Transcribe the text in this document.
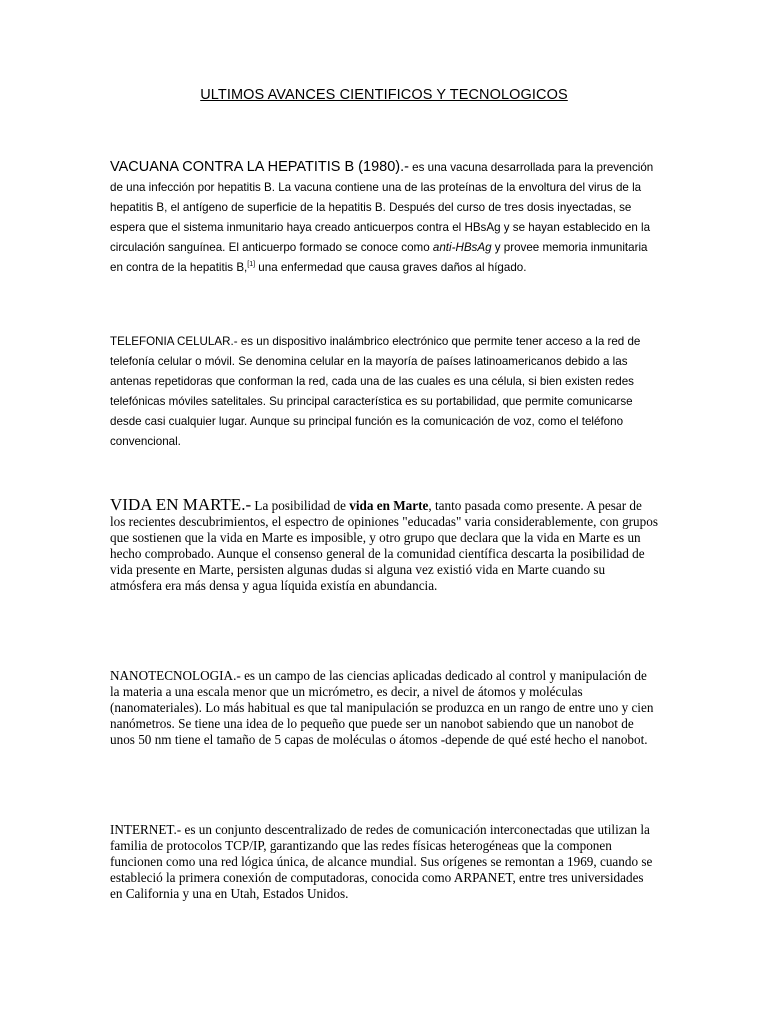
ULTIMOS AVANCES CIENTIFICOS Y TECNOLOGICOS

VACUANA CONTRA LA HEPATITIS B (1980).- es una vacuna desarrollada para la prevención de una infección por hepatitis B. La vacuna contiene una de las proteínas de la envoltura del virus de la hepatitis B, el antígeno de superficie de la hepatitis B. Después del curso de tres dosis inyectadas, se espera que el sistema inmunitario haya creado anticuerpos contra el HBsAg y se hayan establecido en la circulación sanguínea. El anticuerpo formado se conoce como anti-HBsAg y provee memoria inmunitaria en contra de la hepatitis B,[1] una enfermedad que causa graves daños al hígado.

TELEFONIA CELULAR.- es un dispositivo inalámbrico electrónico que permite tener acceso a la red de telefonía celular o móvil. Se denomina celular en la mayoría de países latinoamericanos debido a las antenas repetidoras que conforman la red, cada una de las cuales es una célula, si bien existen redes telefónicas móviles satelitales. Su principal característica es su portabilidad, que permite comunicarse desde casi cualquier lugar. Aunque su principal función es la comunicación de voz, como el teléfono convencional.

VIDA EN MARTE.- La posibilidad de vida en Marte, tanto pasada como presente. A pesar de los recientes descubrimientos, el espectro de opiniones "educadas" varia considerablemente, con grupos que sostienen que la vida en Marte es imposible, y otro grupo que declara que la vida en Marte es un hecho comprobado. Aunque el consenso general de la comunidad científica descarta la posibilidad de vida presente en Marte, persisten algunas dudas si alguna vez existió vida en Marte cuando su atmósfera era más densa y agua líquida existía en abundancia.

NANOTECNOLOGIA.- es un campo de las ciencias aplicadas dedicado al control y manipulación de la materia a una escala menor que un micrómetro, es decir, a nivel de átomos y moléculas (nanomateriales). Lo más habitual es que tal manipulación se produzca en un rango de entre uno y cien nanómetros. Se tiene una idea de lo pequeño que puede ser un nanobot sabiendo que un nanobot de unos 50 nm tiene el tamaño de 5 capas de moléculas o átomos -depende de qué esté hecho el nanobot.

INTERNET.- es un conjunto descentralizado de redes de comunicación interconectadas que utilizan la familia de protocolos TCP/IP, garantizando que las redes físicas heterogéneas que la componen funcionen como una red lógica única, de alcance mundial. Sus orígenes se remontan a 1969, cuando se estableció la primera conexión de computadoras, conocida como ARPANET, entre tres universidades en California y una en Utah, Estados Unidos.
